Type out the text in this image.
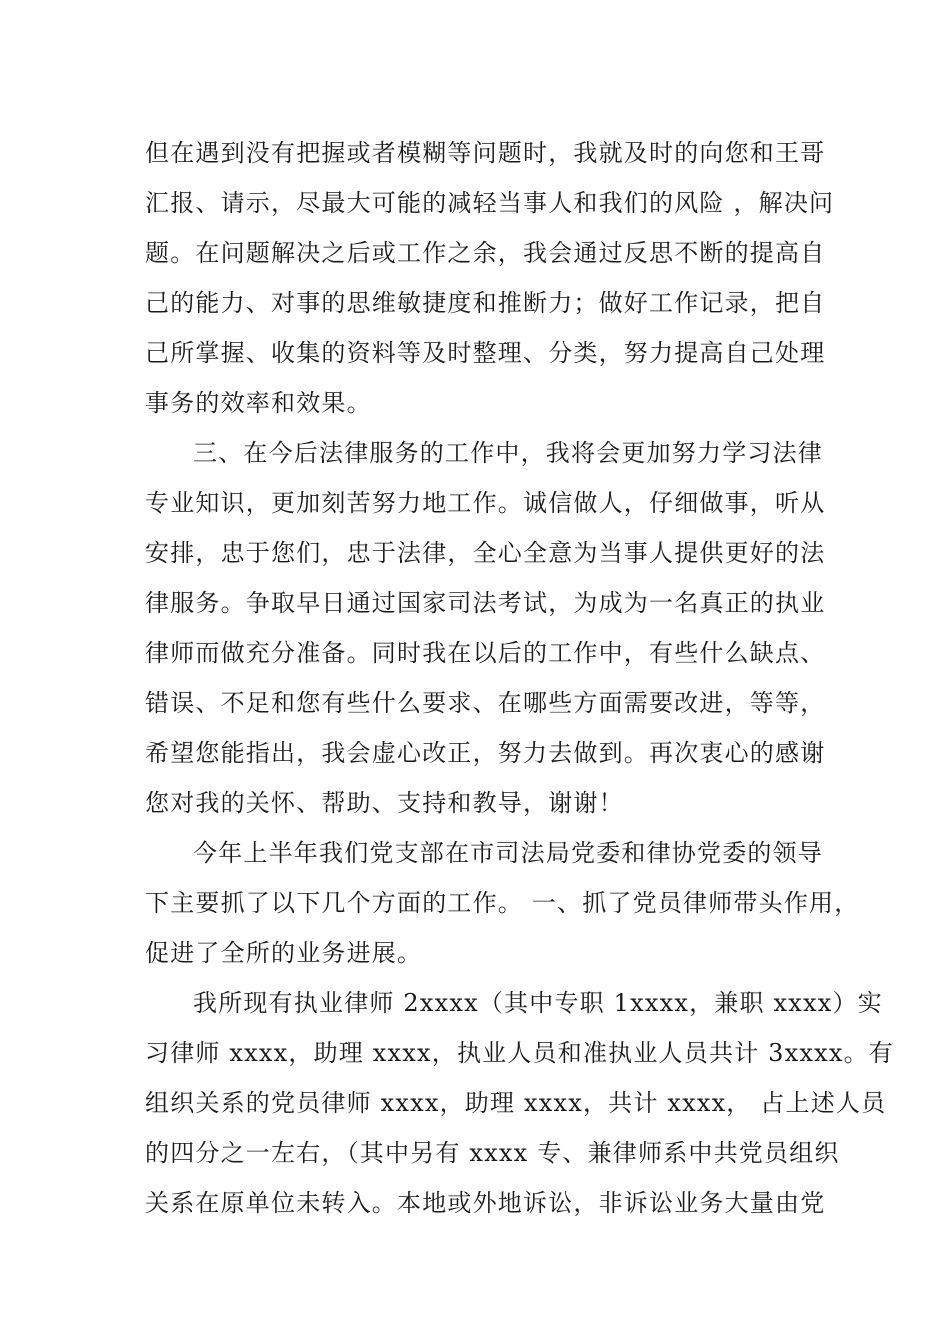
但在遇到没有把握或者模糊等问题时，我就及时的向您和王哥
汇报、请示，尽最大可能的减轻当事人和我们的风险 ，解决问
题。在问题解决之后或工作之余，我会通过反思不断的提高自
己的能力、对事的思维敏捷度和推断力；做好工作记录，把自
己所掌握、收集的资料等及时整理、分类，努力提高自己处理
事务的效率和效果。
三、在今后法律服务的工作中，我将会更加努力学习法律
专业知识，更加刻苦努力地工作。诚信做人，仔细做事，听从
安排，忠于您们，忠于法律，全心全意为当事人提供更好的法
律服务。争取早日通过国家司法考试，为成为一名真正的执业
律师而做充分准备。同时我在以后的工作中，有些什么缺点、
错误、不足和您有些什么要求、在哪些方面需要改进，等等，
希望您能指出，我会虚心改正，努力去做到。再次衷心的感谢
您对我的关怀、帮助、支持和教导，谢谢！
今年上半年我们党支部在市司法局党委和律协党委的领导
下主要抓了以下几个方面的工作。 一、抓了党员律师带头作用，
促进了全所的业务进展。
我所现有执业律师 2xxxx（其中专职 1xxxx，兼职 xxxx）实
习律师 xxxx，助理 xxxx，执业人员和准执业人员共计 3xxxx。有
组织关系的党员律师 xxxx，助理 xxxx，共计 xxxx， 占上述人员
的四分之一左右，（其中另有 xxxx 专、兼律师系中共党员组织
关系在原单位未转入。本地或外地诉讼，非诉讼业务大量由党
